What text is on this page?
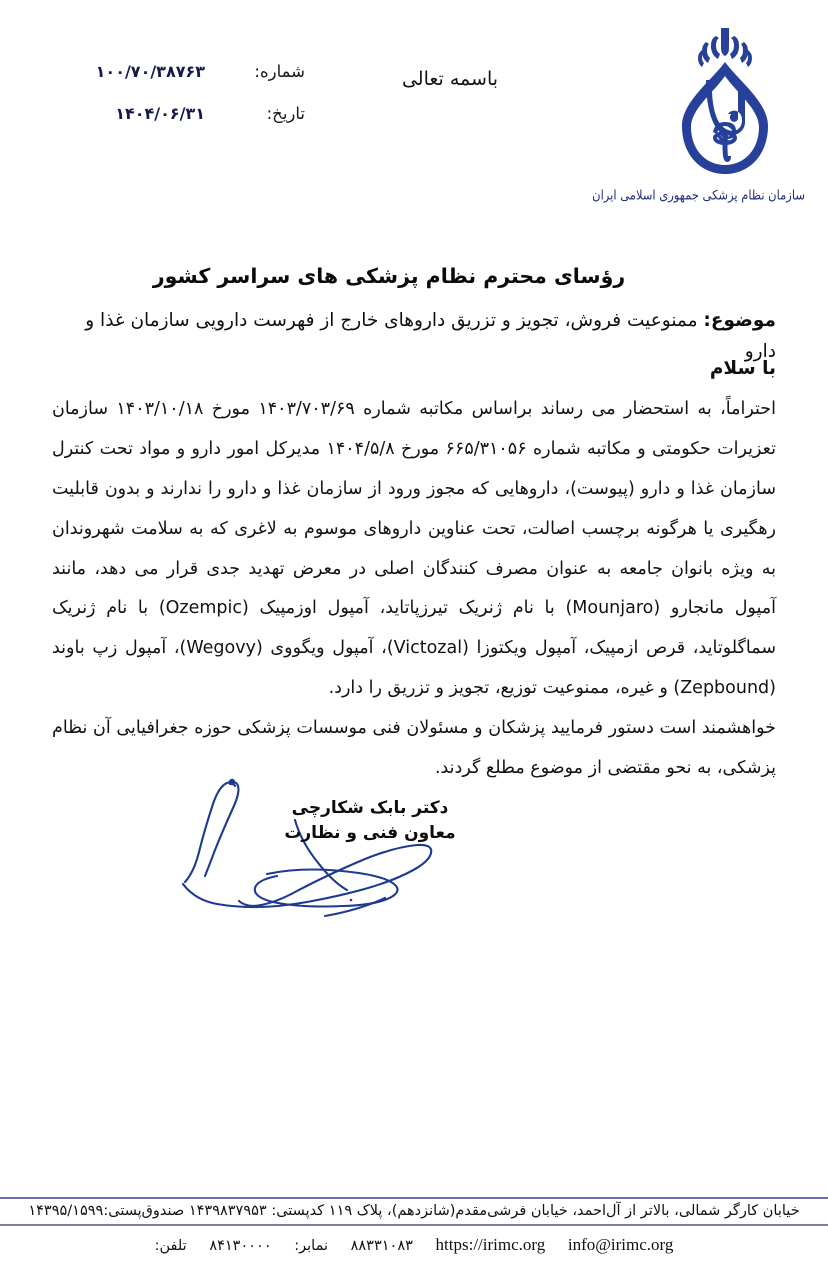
شماره:
۱۰۰/۷۰/۳۸۷۶۳
تاریخ:
۱۴۰۴/۰۶/۳۱
باسمه تعالی
سازمان نظام پزشکی جمهوری اسلامی ایران
رؤسای محترم نظام پزشکی های سراسر کشور
موضوع: ممنوعیت فروش، تجویز و تزریق داروهای خارج از فهرست دارویی سازمان غذا و دارو
با سلام

احتراماً، به استحضار می رساند براساس مکاتبه شماره ۱۴۰۳/۷۰۳/۶۹ مورخ ۱۴۰۳/۱۰/۱۸ سازمان تعزیرات حکومتی و مکاتبه شماره ۶۶۵/۳۱۰۵۶ مورخ ۱۴۰۴/۵/۸ مدیرکل امور دارو و مواد تحت کنترل سازمان غذا و دارو (پیوست)، داروهایی که مجوز ورود از سازمان غذا و دارو را ندارند و بدون قابلیت رهگیری یا هرگونه برچسب اصالت، تحت عناوین داروهای موسوم به لاغری که به سلامت شهروندان به ویژه بانوان جامعه به عنوان مصرف کنندگان اصلی در معرض تهدید جدی قرار می دهد، مانند آمپول مانجارو (Mounjaro) با نام ژنریک تیرزپاتاید، آمپول اوزمپیک (Ozempic) با نام ژنریک سماگلوتاید، قرص ازمپیک، آمپول ویکتوزا (Victozal)، آمپول ویگووی (Wegovy)، آمپول زپ باوند (Zepbound) و غیره، ممنوعیت توزیع، تجویز و تزریق را دارد.

خواهشمند است دستور فرمایید پزشکان و مسئولان فنی موسسات پزشکی حوزه جغرافیایی آن نظام پزشکی، به نحو مقتضی از موضوع مطلع گردند.

دکتر بابک شکارچی
معاون فنی و نظارت
خیابان کارگر شمالی، بالاتر از آل‌احمد، خیابان فرشی‌مقدم(شانزدهم)، پلاک ۱۱۹ کدپستی: ۱۴۳۹۸۳۷۹۵۳ صندوق‌پستی:۱۴۳۹۵/۱۵۹۹
info@irimc.org https://irimc.org ۸۸۳۳۱۰۸۳ نمابر: ۸۴۱۳۰۰۰۰ تلفن:
